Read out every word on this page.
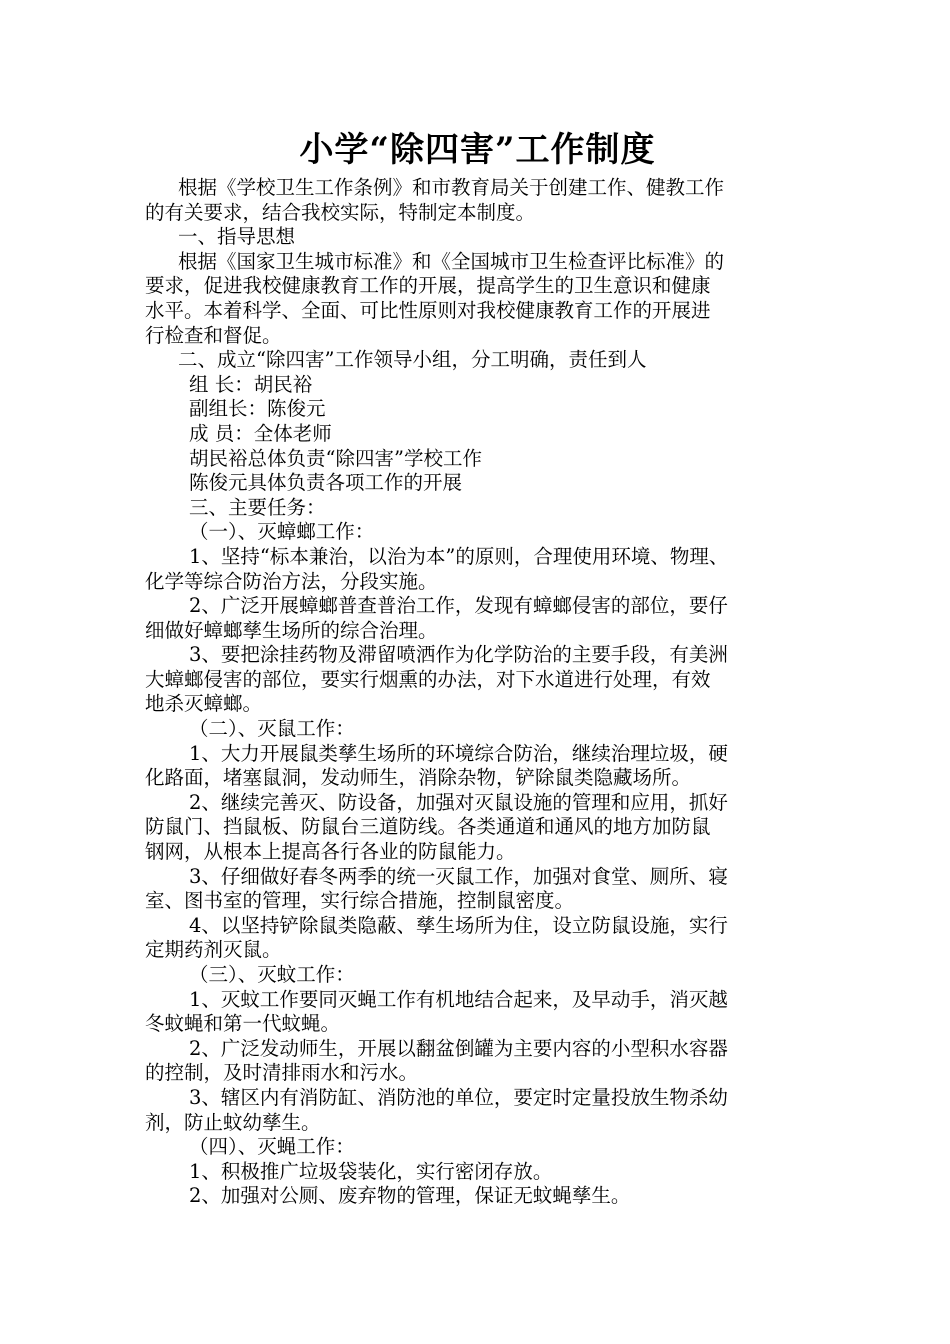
小学“除四害”工作制度
根据《学校卫生工作条例》和市教育局关于创建工作、健教工作
的有关要求，结合我校实际，特制定本制度。
一、指导思想
根据《国家卫生城市标准》和《全国城市卫生检查评比标准》的
要求，促进我校健康教育工作的开展，提高学生的卫生意识和健康
水平。本着科学、全面、可比性原则对我校健康教育工作的开展进
行检查和督促。
二、成立“除四害”工作领导小组，分工明确，责任到人
组 长：胡民裕
副组长：陈俊元
成 员：全体老师
胡民裕总体负责“除四害”学校工作
陈俊元具体负责各项工作的开展
三、主要任务：
（一）、灭蟑螂工作：
1、坚持“标本兼治，以治为本”的原则，合理使用环境、物理、
化学等综合防治方法，分段实施。
2、广泛开展蟑螂普查普治工作，发现有蟑螂侵害的部位，要仔
细做好蟑螂孳生场所的综合治理。
3、要把涂挂药物及滞留喷洒作为化学防治的主要手段，有美洲
大蟑螂侵害的部位，要实行烟熏的办法，对下水道进行处理，有效
地杀灭蟑螂。
（二）、灭鼠工作：
1、大力开展鼠类孳生场所的环境综合防治，继续治理垃圾，硬
化路面，堵塞鼠洞，发动师生，消除杂物，铲除鼠类隐藏场所。
2、继续完善灭、防设备，加强对灭鼠设施的管理和应用，抓好
防鼠门、挡鼠板、防鼠台三道防线。各类通道和通风的地方加防鼠
钢网，从根本上提高各行各业的防鼠能力。
3、仔细做好春冬两季的统一灭鼠工作，加强对食堂、厕所、寝
室、图书室的管理，实行综合措施，控制鼠密度。
4、以坚持铲除鼠类隐蔽、孳生场所为住，设立防鼠设施，实行
定期药剂灭鼠。
（三）、灭蚊工作：
1、灭蚊工作要同灭蝇工作有机地结合起来，及早动手，消灭越
冬蚊蝇和第一代蚊蝇。
2、广泛发动师生，开展以翻盆倒罐为主要内容的小型积水容器
的控制，及时清排雨水和污水。
3、辖区内有消防缸、消防池的单位，要定时定量投放生物杀幼
剂，防止蚊幼孳生。
（四）、灭蝇工作：
1、积极推广垃圾袋装化，实行密闭存放。
2、加强对公厕、废弃物的管理，保证无蚊蝇孳生。
